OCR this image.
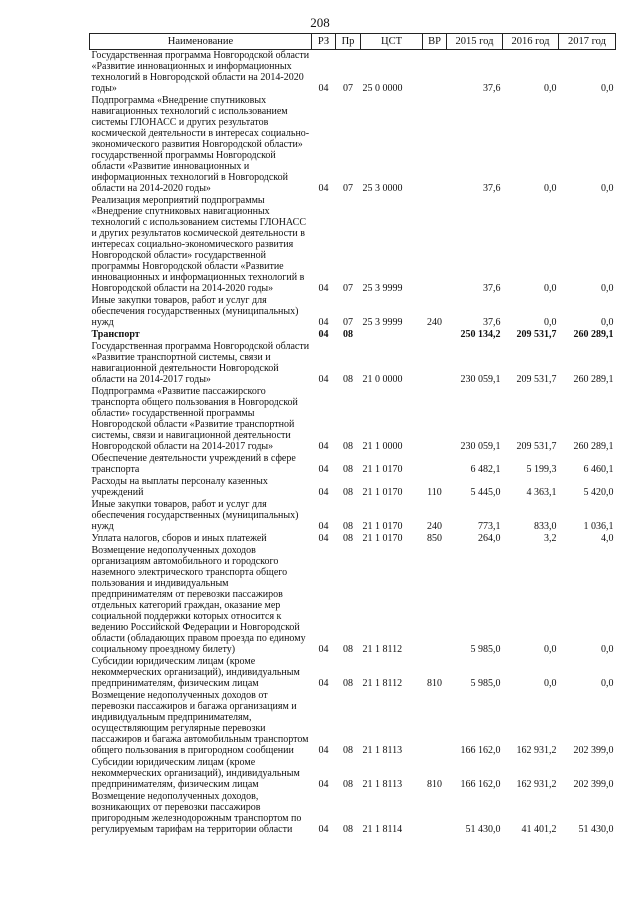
208
Наименование	РЗ	Пр	ЦСТ	ВР	2015 год	2016 год	2017 год
Государственная программа Новгородской области «Развитие инновационных и информационных технологий в Новгородской области на 2014-2020 годы»	04	07	25 0 0000		37,6	0,0	0,0
Подпрограмма «Внедрение спутниковых навигационных технологий с использованием системы ГЛОНАСС и других результатов космической деятельности в интересах социально-экономического развития Новгородской области» государственной программы Новгородской области «Развитие инновационных и информационных технологий в Новгородской области на 2014-2020 годы»	04	07	25 3 0000		37,6	0,0	0,0
Реализация мероприятий подпрограммы «Внедрение спутниковых навигационных технологий с использованием системы ГЛОНАСС и других результатов космической деятельности в интересах социально-экономического развития Новгородской области» государственной программы Новгородской области «Развитие инновационных и информационных технологий в Новгородской области на 2014-2020 годы»	04	07	25 3 9999		37,6	0,0	0,0
Иные закупки товаров, работ и услуг для обеспечения государственных (муниципальных) нужд	04	07	25 3 9999	240	37,6	0,0	0,0
Транспорт	04	08			250 134,2	209 531,7	260 289,1
Государственная программа Новгородской области «Развитие транспортной системы, связи и навигационной деятельности Новгородской области на 2014-2017 годы»	04	08	21 0 0000		230 059,1	209 531,7	260 289,1
Подпрограмма «Развитие пассажирского транспорта общего пользования в Новгородской области» государственной программы Новгородской области «Развитие транспортной системы, связи и навигационной деятельности Новгородской области на 2014-2017 годы»	04	08	21 1 0000		230 059,1	209 531,7	260 289,1
Обеспечение деятельности учреждений в сфере транспорта	04	08	21 1 0170		6 482,1	5 199,3	6 460,1
Расходы на выплаты персоналу казенных учреждений	04	08	21 1 0170	110	5 445,0	4 363,1	5 420,0
Иные закупки товаров, работ и услуг для обеспечения государственных (муниципальных) нужд	04	08	21 1 0170	240	773,1	833,0	1 036,1
Уплата налогов, сборов и иных платежей	04	08	21 1 0170	850	264,0	3,2	4,0
Возмещение недополученных доходов организациям автомобильного и городского наземного электрического транспорта общего пользования и индивидуальным предпринимателям от перевозки пассажиров отдельных категорий граждан, оказание мер социальной поддержки которых относится к ведению Российской Федерации и Новгородской области (обладающих правом проезда по единому социальному проездному билету)	04	08	21 1 8112		5 985,0	0,0	0,0
Субсидии юридическим лицам (кроме некоммерческих организаций), индивидуальным предпринимателям, физическим лицам	04	08	21 1 8112	810	5 985,0	0,0	0,0
Возмещение недополученных доходов от перевозки пассажиров и багажа организациям и индивидуальным предпринимателям, осуществляющим регулярные перевозки пассажиров и багажа автомобильным транспортом общего пользования в пригородном сообщении	04	08	21 1 8113		166 162,0	162 931,2	202 399,0
Субсидии юридическим лицам (кроме некоммерческих организаций), индивидуальным предпринимателям, физическим лицам	04	08	21 1 8113	810	166 162,0	162 931,2	202 399,0
Возмещение недополученных доходов, возникающих от перевозки пассажиров пригородным железнодорожным транспортом по регулируемым тарифам на территории области	04	08	21 1 8114		51 430,0	41 401,2	51 430,0
